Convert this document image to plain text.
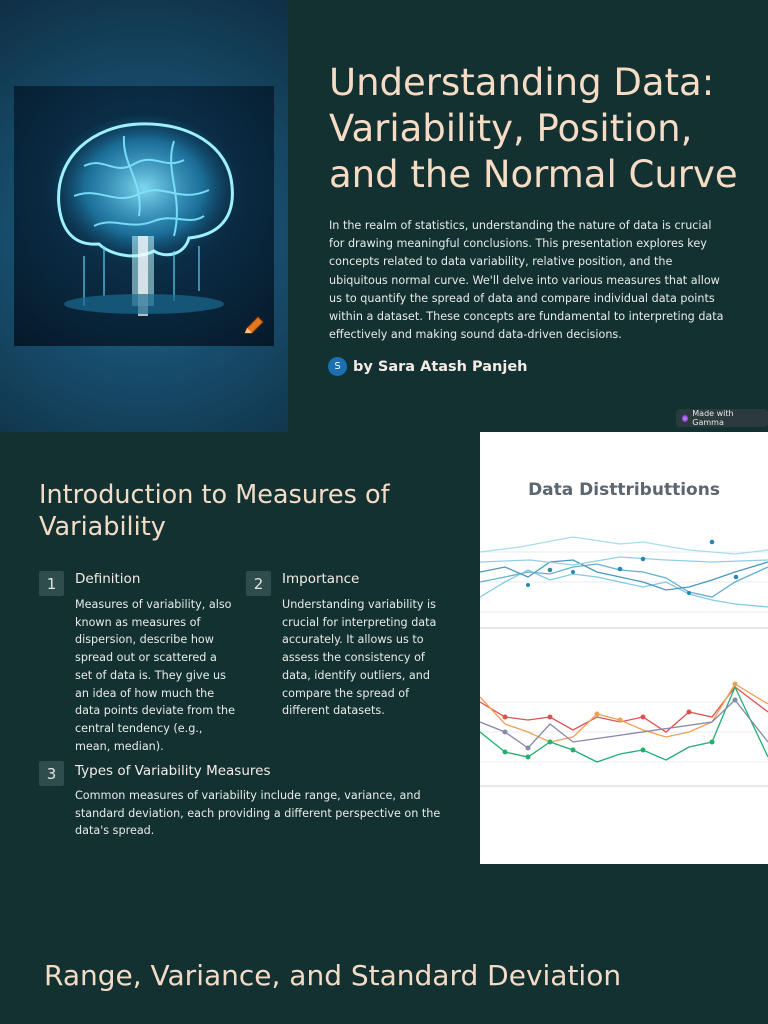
Understanding Data: Variability, Position, and the Normal Curve

In the realm of statistics, understanding the nature of data is crucial for drawing meaningful conclusions. This presentation explores key concepts related to data variability, relative position, and the ubiquitous normal curve. We'll delve into various measures that allow us to quantify the spread of data and compare individual data points within a dataset. These concepts are fundamental to interpreting data effectively and making sound data-driven decisions.

S by Sara Atash Panjeh
Made with Gamma
Introduction to Measures of Variability
1	Definition

Measures of variability, also known as measures of dispersion, describe how spread out or scattered a set of data is. They give us an idea of how much the data points deviate from the central tendency (e.g., mean, median).

2	Importance

Understanding variability is crucial for interpreting data accurately. It allows us to assess the consistency of data, identify outliers, and compare the spread of different datasets.

3	Types of Variability Measures

Common measures of variability include range, variance, and standard deviation, each providing a different perspective on the data's spread.

Data Disttributtions
Range, Variance, and Standard Deviation
